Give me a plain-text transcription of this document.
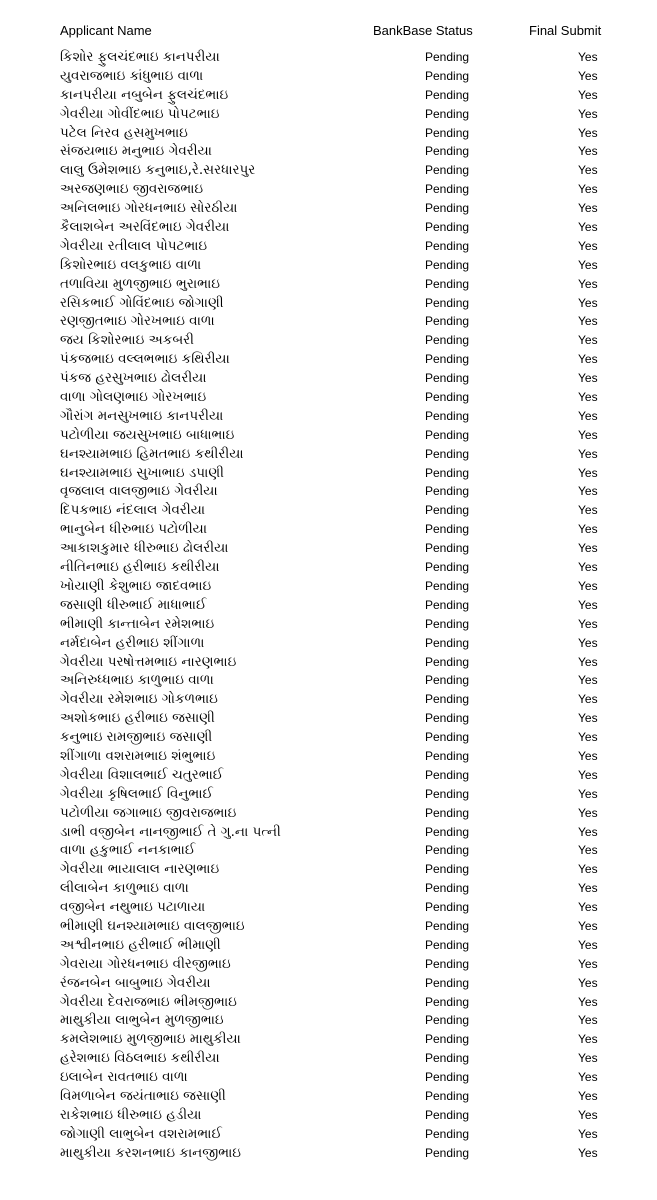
Applicant Name	BankBase Status	Final Submit
કિશોર ફુલચંદભાઇ કાનપરીયા	Pending	Yes
યુવરાજભાઇ કાંધુભાઇ વાળા	Pending	Yes
કાનપરીયા નબુબેન ફુલચંદભાઇ	Pending	Yes
ગેવરીયા ગોવીંદભાઇ પોપટભાઇ	Pending	Yes
પટેલ નિરવ હસમુખભાઇ	Pending	Yes
સંજયભાઇ મનુભાઇ ગેવરીયા	Pending	Yes
લાલુ ઉમેશભાઇ કનુભાઇ,રે.સરધારપુર	Pending	Yes
અરજણભાઇ જીવરાજભાઇ	Pending	Yes
અનિલભાઇ ગોરધનભાઇ સોરઠીયા	Pending	Yes
કૈલાશબેન અરવિંદભાઇ ગેવરીયા	Pending	Yes
ગેવરીયા રતીલાલ પોપટભાઇ	Pending	Yes
કિશોરભાઇ વલકુભાઇ વાળા	Pending	Yes
તળાવિયા મુળજીભાઇ ભુરાભાઇ	Pending	Yes
રસિકભાઈ ગોવિંદભાઇ જોગાણી	Pending	Yes
રણજીતભાઇ ગોરખભાઇ વાળા	Pending	Yes
જય કિશોરભાઇ અકબરી	Pending	Yes
પંકજભાઇ વલ્લભભાઇ કથિરીયા	Pending	Yes
પંકજ હરસુખભાઇ ઢોલરીયા	Pending	Yes
વાળા ગોલણભાઇ ગોરખભાઇ	Pending	Yes
ગૌરાંગ મનસુખભાઇ કાનપરીયા	Pending	Yes
પટોળીયા જયસુખભાઇ બાધાભાઇ	Pending	Yes
ઘનશ્યામભાઇ હિમતભાઇ કથીરીયા	Pending	Yes
ઘનશ્યામભાઇ સુખાભાઇ ડપાણી	Pending	Yes
વૃજલાલ વાલજીભાઇ ગેવરીયા	Pending	Yes
દિપકભાઇ નંદલાલ ગેવરીયા	Pending	Yes
ભાનુબેન ધીરુભાઇ પટોળીયા	Pending	Yes
આકાશકુમાર ધીરુભાઇ ઢોલરીયા	Pending	Yes
નીતિનભાઇ હરીભાઇ કથીરીયા	Pending	Yes
ખોયાણી કેશુભાઇ જાદવભાઇ	Pending	Yes
જસાણી ધીરુભાઈ માધાભાઈ	Pending	Yes
ભીમાણી કાન્તાબેન રમેશભાઇ	Pending	Yes
નર્મદાબેન હરીભાઇ શીંગાળા	Pending	Yes
ગેવરીયા પરષોત્તમભાઇ નારણભાઇ	Pending	Yes
અનિરુધ્ધભાઇ કાળુભાઇ વાળા	Pending	Yes
ગેવરીયા રમેશભાઇ ગોકળભાઇ	Pending	Yes
અશોકભાઇ હરીભાઇ જસાણી	Pending	Yes
કનુભાઇ રામજીભાઇ જસાણી	Pending	Yes
શીંગાળા વશરામભાઇ શંભુભાઇ	Pending	Yes
ગેવરીયા વિશાલભાઈ ચતુરભાઈ	Pending	Yes
ગેવરીયા કૃષિલભાઈ વિનુભાઈ	Pending	Yes
પટોળીયા જગાભાઇ જીવરાજભાઇ	Pending	Yes
ડાભી વજીબેન નાનજીભાઈ તે ગુ.ના પત્ની	Pending	Yes
વાળા હકુભાઈ નનકાભાઈ	Pending	Yes
ગેવરીયા ભાયાલાલ નારણભાઇ	Pending	Yes
લીલાબેન કાળુભાઇ વાળા	Pending	Yes
વજીબેન નથુભાઇ પટાળાયા	Pending	Yes
ભીમાણી ઘનશ્યામભાઇ વાલજીભાઇ	Pending	Yes
અશ્વીનભાઇ હરીભાઈ ભીમાણી	Pending	Yes
ગેવરાયા ગોરધનભાઇ વીરજીભાઇ	Pending	Yes
રંજનબેન બાબુભાઇ ગેવરીયા	Pending	Yes
ગેવરીયા દેવરાજભાઇ ભીમજીભાઇ	Pending	Yes
માથુકીયા લાભુબેન મુળજીભાઇ	Pending	Yes
કમલેશભાઇ મુળજીભાઇ માથુકીયા	Pending	Yes
હરેશભાઇ વિઠલભાઇ કથીરીયા	Pending	Yes
ઇલાબેન રાવતભાઇ વાળા	Pending	Yes
વિમળાબેન જયંતાભાઇ જસાણી	Pending	Yes
રાકેશભાઇ ધીરુભાઇ હડીયા	Pending	Yes
જોગાણી લાભુબેન વશરામભાઈ	Pending	Yes
માથુકીયા કરશનભાઇ કાનજીભાઇ	Pending	Yes
